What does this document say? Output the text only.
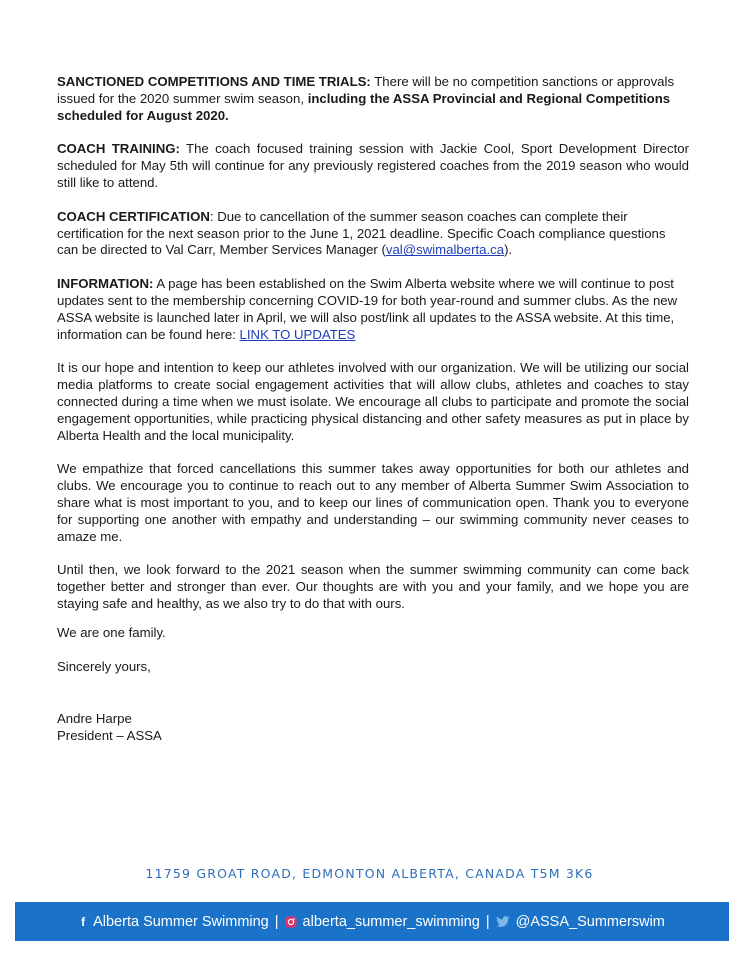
SANCTIONED COMPETITIONS AND TIME TRIALS: There will be no competition sanctions or approvals issued for the 2020 summer swim season, including the ASSA Provincial and Regional Competitions scheduled for August 2020.

COACH TRAINING: The coach focused training session with Jackie Cool, Sport Development Director scheduled for May 5th will continue for any previously registered coaches from the 2019 season who would still like to attend.

COACH CERTIFICATION: Due to cancellation of the summer season coaches can complete their certification for the next season prior to the June 1, 2021 deadline. Specific Coach compliance questions can be directed to Val Carr, Member Services Manager (val@swimalberta.ca).

INFORMATION: A page has been established on the Swim Alberta website where we will continue to post updates sent to the membership concerning COVID-19 for both year-round and summer clubs. As the new ASSA website is launched later in April, we will also post/link all updates to the ASSA website. At this time, information can be found here: LINK TO UPDATES

It is our hope and intention to keep our athletes involved with our organization. We will be utilizing our social media platforms to create social engagement activities that will allow clubs, athletes and coaches to stay connected during a time when we must isolate. We encourage all clubs to participate and promote the social engagement opportunities, while practicing physical distancing and other safety measures as put in place by Alberta Health and the local municipality.

We empathize that forced cancellations this summer takes away opportunities for both our athletes and clubs. We encourage you to continue to reach out to any member of Alberta Summer Swim Association to share what is most important to you, and to keep our lines of communication open. Thank you to everyone for supporting one another with empathy and understanding – our swimming community never ceases to amaze me.

Until then, we look forward to the 2021 season when the summer swimming community can come back together better and stronger than ever. Our thoughts are with you and your family, and we hope you are staying safe and healthy, as we also try to do that with ours.

We are one family.

Sincerely yours,

Andre Harpe
President – ASSA
11759 GROAT ROAD, EDMONTON ALBERTA, CANADA T5M 3K6
f Alberta Summer Swimming | alberta_summer_swimming | @ASSA_Summerswim
